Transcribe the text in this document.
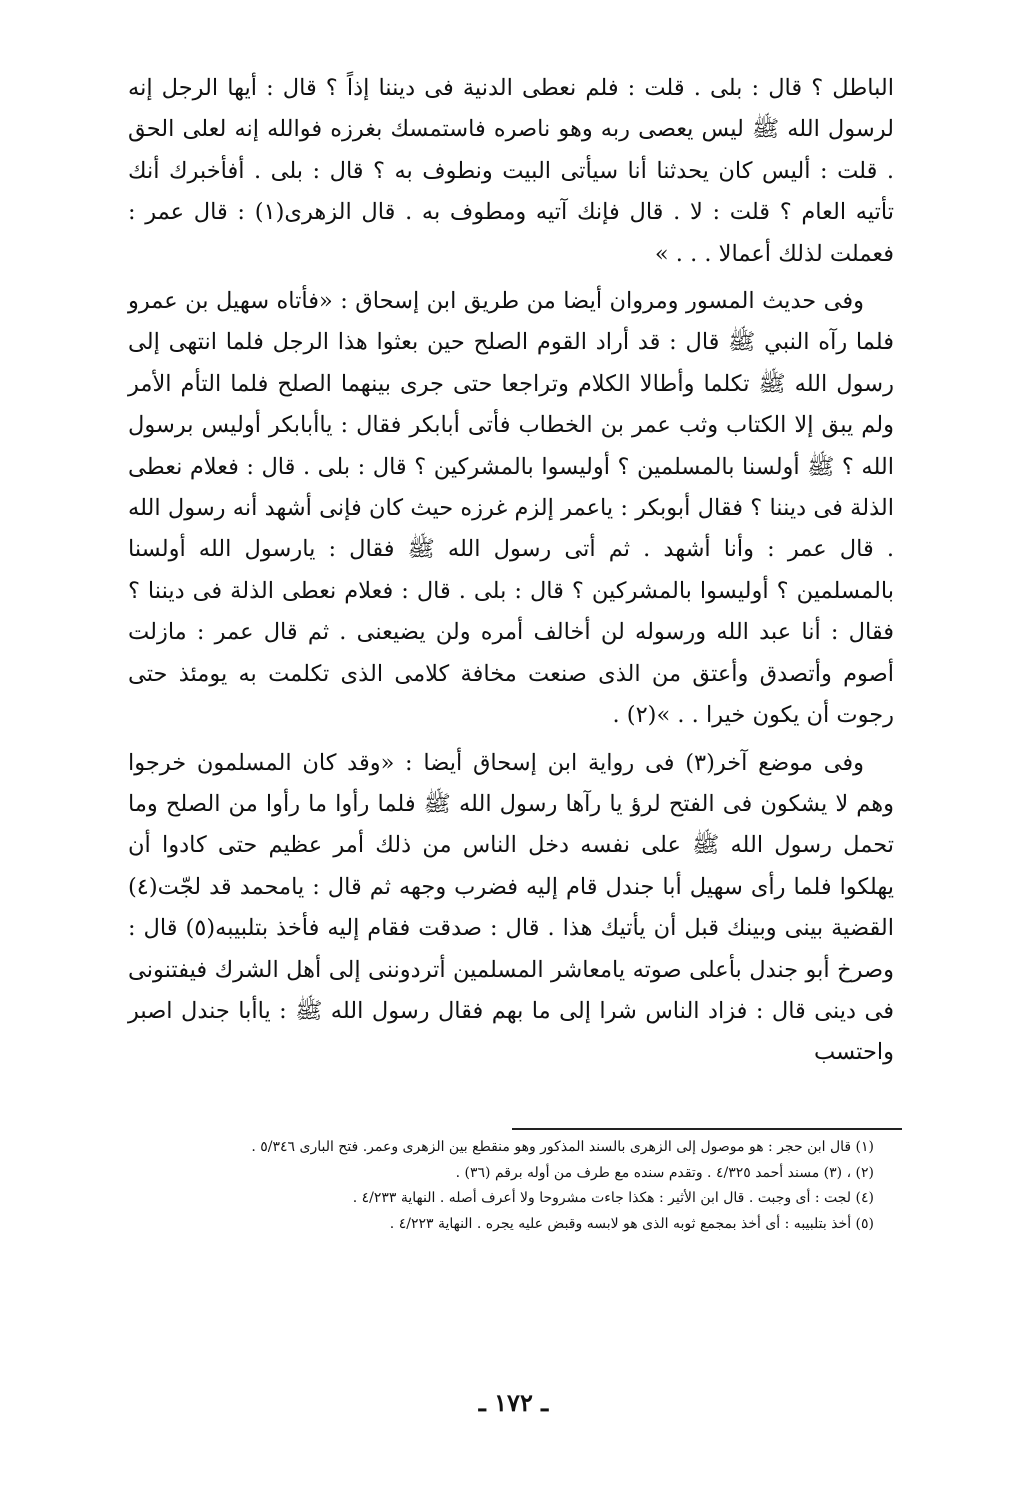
الباطل ؟ قال : بلى . قلت : فلم نعطى الدنية فى ديننا إذاً ؟ قال : أيها الرجل إنه لرسول الله ﷺ ليس يعصى ربه وهو ناصره فاستمسك بغرزه فوالله إنه لعلى الحق . قلت : أليس كان يحدثنا أنا سيأتى البيت ونطوف به ؟ قال : بلى . أفأخبرك أنك تأتيه العام ؟ قلت : لا . قال فإنك آتيه ومطوف به . قال الزهرى(١) : قال عمر : فعملت لذلك أعمالا . . . »

وفى حديث المسور ومروان أيضا من طريق ابن إسحاق : «فأتاه سهيل بن عمرو فلما رآه النبي ﷺ قال : قد أراد القوم الصلح حين بعثوا هذا الرجل فلما انتهى إلى رسول الله ﷺ تكلما وأطالا الكلام وتراجعا حتى جرى بينهما الصلح فلما التأم الأمر ولم يبق إلا الكتاب وثب عمر بن الخطاب فأتى أبابكر فقال : ياأبابكر أوليس برسول الله ؟ ﷺ أولسنا بالمسلمين ؟ أوليسوا بالمشركين ؟ قال : بلى . قال : فعلام نعطى الذلة فى ديننا ؟ فقال أبوبكر : ياعمر إلزم غرزه حيث كان فإنى أشهد أنه رسول الله . قال عمر : وأنا أشهد . ثم أتى رسول الله ﷺ فقال : يارسول الله أولسنا بالمسلمين ؟ أوليسوا بالمشركين ؟ قال : بلى . قال : فعلام نعطى الذلة فى ديننا ؟ فقال : أنا عبد الله ورسوله لن أخالف أمره ولن يضيعنى . ثم قال عمر : مازلت أصوم وأتصدق وأعتق من الذى صنعت مخافة كلامى الذى تكلمت به يومئذ حتى رجوت أن يكون خيرا . . »(٢) .

وفى موضع آخر(٣) فى رواية ابن إسحاق أيضا : «وقد كان المسلمون خرجوا وهم لا يشكون فى الفتح لرؤ يا رآها رسول الله ﷺ فلما رأوا ما رأوا من الصلح وما تحمل رسول الله ﷺ على نفسه دخل الناس من ذلك أمر عظيم حتى كادوا أن يهلكوا فلما رأى سهيل أبا جندل قام إليه فضرب وجهه ثم قال : يامحمد قد لجّت(٤) القضية بينى وبينك قبل أن يأتيك هذا . قال : صدقت فقام إليه فأخذ بتلبيبه(٥) قال : وصرخ أبو جندل بأعلى صوته يامعاشر المسلمين أتردوننى إلى أهل الشرك فيفتنونى فى دينى قال : فزاد الناس شرا إلى ما بهم فقال رسول الله ﷺ : ياأبا جندل اصبر واحتسب

(١) قال ابن حجر : هو موصول إلى الزهرى بالسند المذكور وهو منقطع بين الزهرى وعمر. فتح البارى ٥/٣٤٦ .

(٢) ، (٣) مسند أحمد ٤/٣٢٥ . وتقدم سنده مع طرف من أوله برقم (٣٦) .

(٤) لجت : أى وجبت . قال ابن الأثير : هكذا جاءت مشروحا ولا أعرف أصله . النهاية ٤/٢٣٣ .

(٥) أخذ بتلبيبه : أى أخذ بمجمع ثوبه الذى هو لابسه وقبض عليه يجره . النهاية ٤/٢٢٣ .

ـ ١٧٢ ـ
